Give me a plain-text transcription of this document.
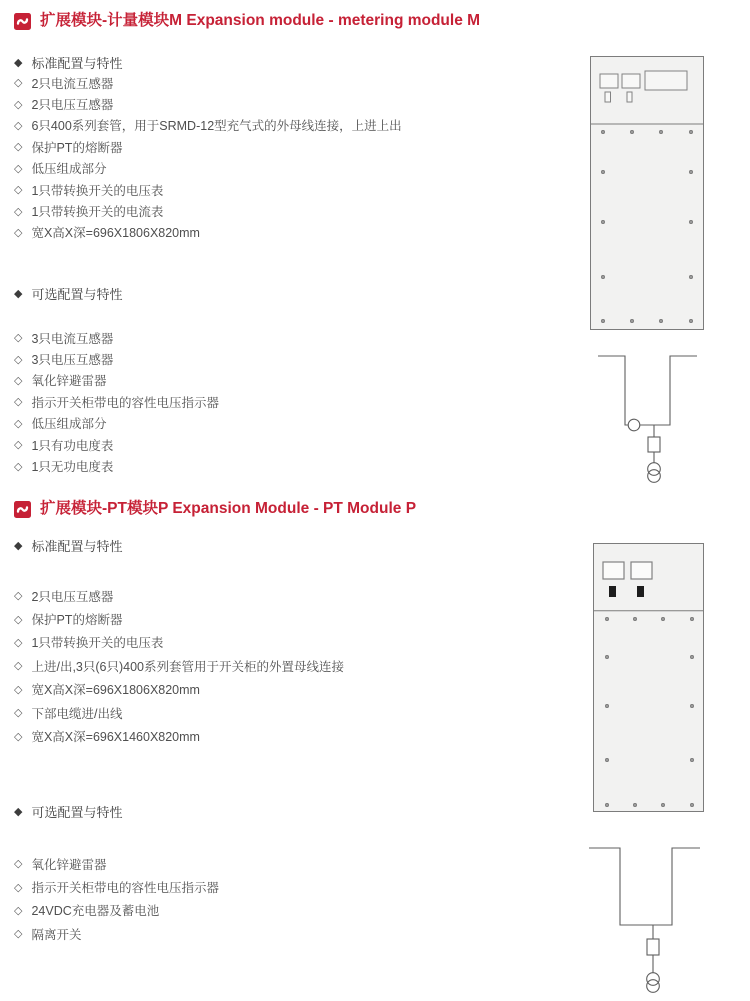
扩展模块-计量模块M Expansion module - metering module M
◆ 标准配置与特性
◇ 2只电流互感器
◇ 2只电压互感器
◇ 6只400系列套管，用于SRMD-12型充气式的外母线连接，上进上出
◇ 保护PT的熔断器
◇ 低压组成部分
◇ 1只带转换开关的电压表
◇ 1只带转换开关的电流表
◇ 宽X高X深=696X1806X820mm
◆ 可选配置与特性
◇ 3只电流互感器
◇ 3只电压互感器
◇ 氧化锌避雷器
◇ 指示开关柜带电的容性电压指示器
◇ 低压组成部分
◇ 1只有功电度表
◇ 1只无功电度表
扩展模块-PT模块P Expansion Module - PT Module P
◆ 标准配置与特性
◇ 2只电压互感器
◇ 保护PT的熔断器
◇ 1只带转换开关的电压表
◇ 上进/出,3只(6只)400系列套管用于开关柜的外置母线连接
◇ 宽X高X深=696X1806X820mm
◇ 下部电缆进/出线
◇ 宽X高X深=696X1460X820mm
◆ 可选配置与特性
◇ 氧化锌避雷器
◇ 指示开关柜带电的容性电压指示器
◇ 24VDC充电器及蓄电池
◇ 隔离开关
